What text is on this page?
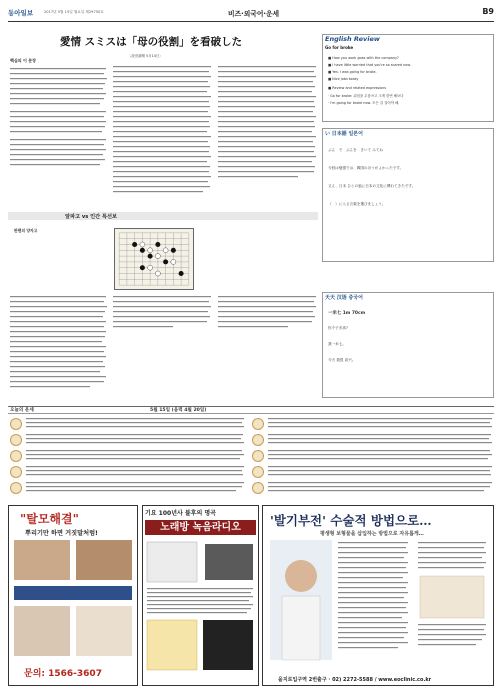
동아일보	2017년 5월 15일 월요일 제29750호	비즈·외국어·운세	B9
愛情 スミスは「母の役割」を看破した
〈読売新聞 5月14日〉
핵심의 이 문장
English Review
Go for broke
■ How you work goes with the company?
■ I have little worried that you're so scared now.
■ Yes. I was going for broke.
■ Nice jobs today
■ Review and related expressions
· Go for broke: 위험을 무릅쓰고 크게 한번 해보다
· I'm going for broke now. 모든 걸 걸어야 해.
い 日本語 일본어
ぶん　で　ぶんを　きいて みてね
今回は勉強では、韓国のほうがよかったです。
又え、日本 ひとの風に日本の文化に慣れてきたです。
（　）に入る言葉を選びましょう。
天天 汉语 중국어
一米七 1m 70cm
你个子多高?
我一米七。
今天 我很 高兴。
알파고 vs 인간 특선보
판팬의 양자고
오늘의 운세	5월 15일 (음력 4월 20일)
"탈모해결"
뿌리기만 하면 거짓말처럼!
문의: 1566-3607
기요 100년사 불후의 명곡
노래방 녹음라디오	'발기부전' 수술적 방법으로…
평생형 보형물을 삽입하는 방법으로 자유롭게…
을지로입구역 2번출구 · 02) 2272-5588 / www.eoclinic.co.kr
